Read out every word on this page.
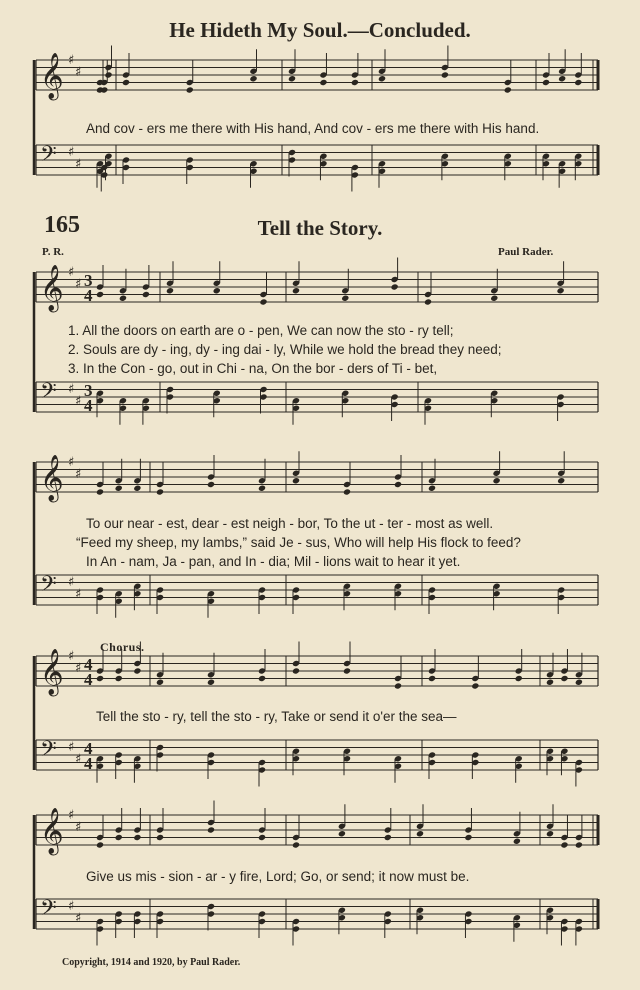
He Hideth My Soul.—Concluded.
165	Tell the Story.
P. R.	Paul Rader.
𝄞 ♯
♯
𝄢 ♯
♯
𝄞 ♯
♯
𝄢 ♯
♯
3
4
3
4
𝄞 ♯
♯
𝄢 ♯
♯
𝄞 ♯
♯
𝄢 ♯
♯
4
4
4
4
𝄞 ♯
♯
𝄢 ♯
♯
And cov - ers me there with His hand, And cov - ers me there with His hand.
1. All the doors on earth are o - pen, We can now the sto - ry tell;
2. Souls are dy - ing, dy - ing dai - ly, While we hold the bread they need;
3. In the Con - go, out in Chi - na, On the bor - ders of Ti - bet,
To our near - est, dear - est neigh - bor, To the ut - ter - most as well.
“Feed my sheep, my lambs,” said Je - sus, Who will help His flock to feed?
In An - nam, Ja - pan, and In - dia; Mil - lions wait to hear it yet.
Chorus.
Tell the sto - ry, tell the sto - ry, Take or send it o'er the sea—
Give us mis - sion - ar - y fire, Lord; Go, or send; it now must be.
Copyright, 1914 and 1920, by Paul Rader.
